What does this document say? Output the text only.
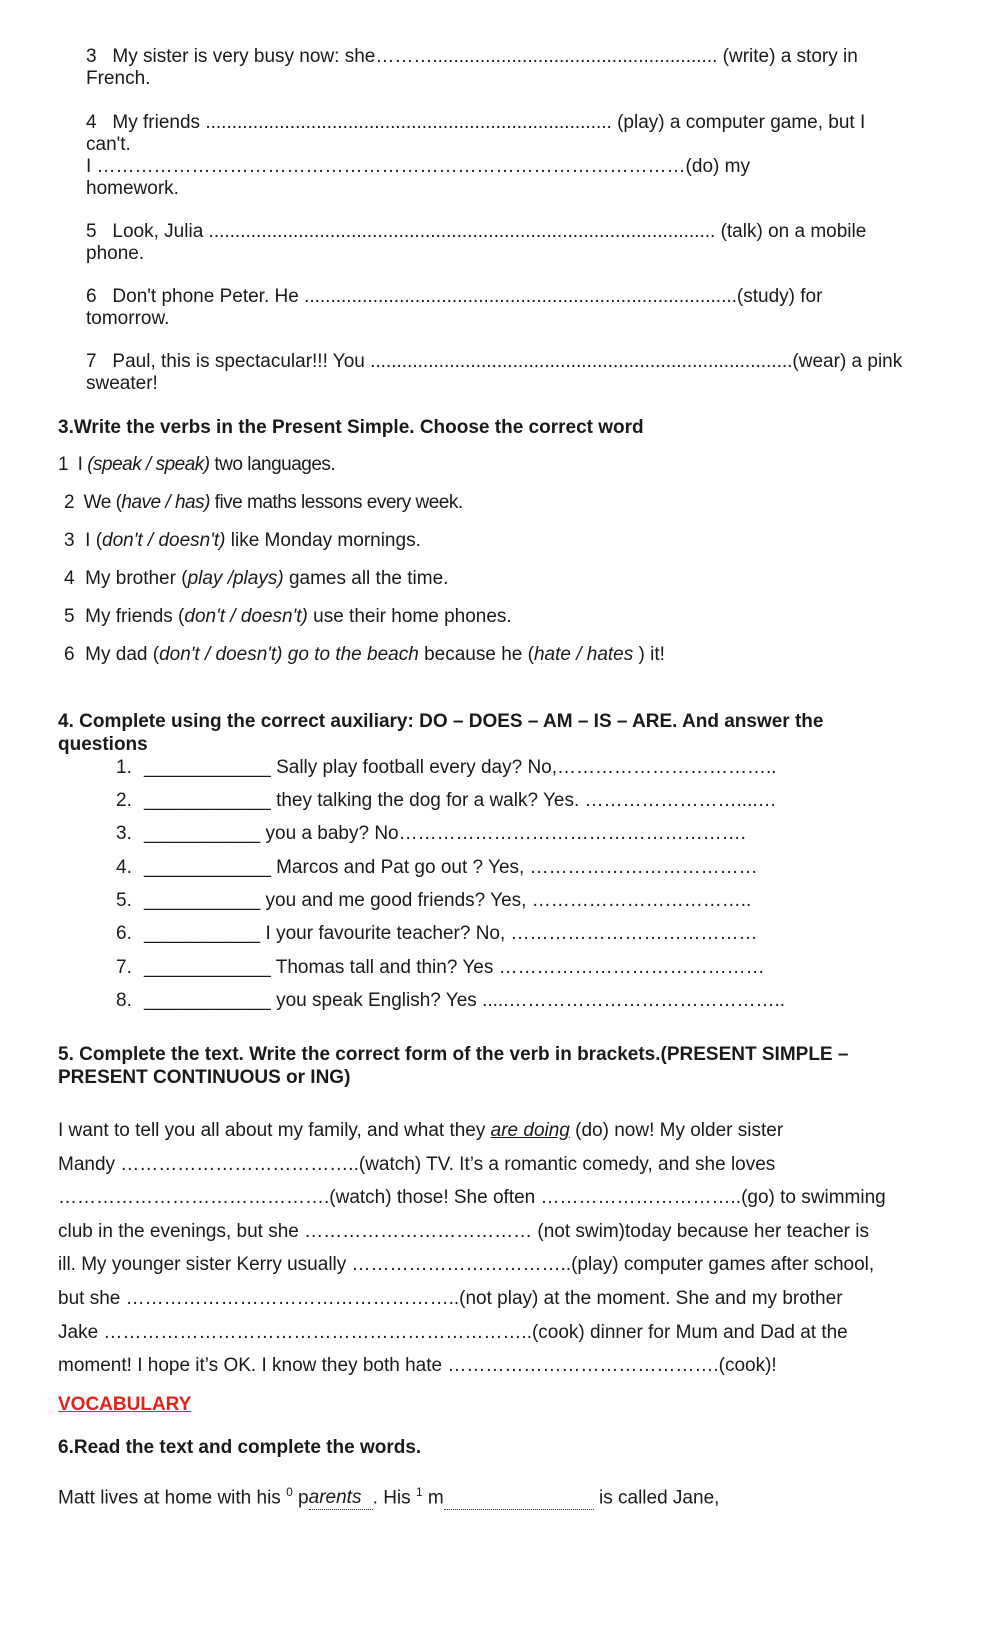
3 My sister is very busy now: she………...................................................... (write) a story in
French.
4 My friends ............................................................................. (play) a computer game, but I
can't.
I …………………………………………………………………………………(do) my
homework.
5 Look, Julia ................................................................................................ (talk) on a mobile
phone.
6 Don't phone Peter. He ..................................................................................(study) for
tomorrow.
7 Paul, this is spectacular!!! You ................................................................................(wear) a pink
sweater!
3.Write the verbs in the Present Simple. Choose the correct word
1 I (speak / speak) two languages.
2 We (have / has) five maths lessons every week.
3 I (don't / doesn't) like Monday mornings.
4 My brother (play /plays) games all the time.
5 My friends (don't / doesn't) use their home phones.
6 My dad (don't / doesn't) go to the beach because he (hate / hates ) it!
4. Complete using the correct auxiliary: DO – DOES – AM – IS – ARE. And answer the
questions
1. ____________ Sally play football every day? No,……………………………..
2. ____________ they talking the dog for a walk? Yes. ……………………....…
3. ___________ you a baby? No……………………………………………….
4. ____________ Marcos and Pat go out ? Yes, ………………………………
5. ___________ you and me good friends? Yes, ……………………………..
6. ___________ I your favourite teacher? No, …………………………………
7. ____________ Thomas tall and thin? Yes ……………………………………
8. ____________ you speak English? Yes .....……………………………………..
5. Complete the text. Write the correct form of the verb in brackets.(PRESENT SIMPLE –
PRESENT CONTINUOUS or ING)
I want to tell you all about my family, and what they are doing (do) now! My older sister
Mandy ………………………………..(watch) TV. It’s a romantic comedy, and she loves
…………………………………….(watch) those! She often …………………………..(go) to swimming
club in the evenings, but she ……………………………… (not swim)today because her teacher is
ill. My younger sister Kerry usually ……………………………..(play) computer games after school,
but she ……………………………………………..(not play) at the moment. She and my brother
Jake …………………………………………………………..(cook) dinner for Mum and Dad at the
moment! I hope it’s OK. I know they both hate …………………………………….(cook)!
VOCABULARY
6.Read the text and complete the words.
Matt lives at home with his $^0$ parents . His $^1$ m	is called Jane,
